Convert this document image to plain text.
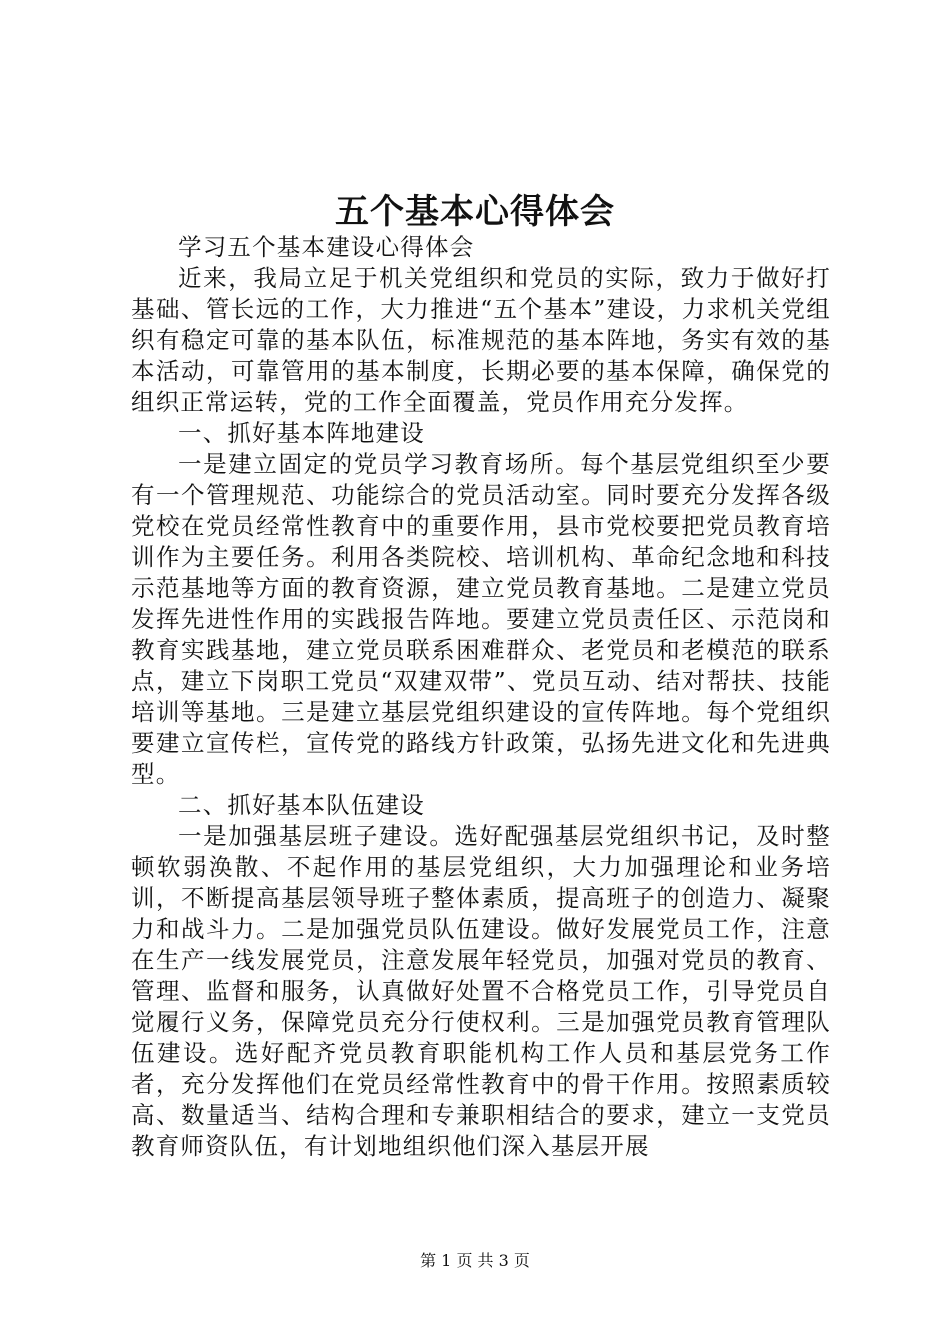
五个基本心得体会

学习五个基本建设心得体会

近来，我局立足于机关党组织和党员的实际，致力于做好打基础、管长远的工作，大力推进“五个基本”建设，力求机关党组织有稳定可靠的基本队伍，标准规范的基本阵地，务实有效的基本活动，可靠管用的基本制度，长期必要的基本保障，确保党的组织正常运转，党的工作全面覆盖，党员作用充分发挥。

一、抓好基本阵地建设

一是建立固定的党员学习教育场所。每个基层党组织至少要有一个管理规范、功能综合的党员活动室。同时要充分发挥各级党校在党员经常性教育中的重要作用，县市党校要把党员教育培训作为主要任务。利用各类院校、培训机构、革命纪念地和科技示范基地等方面的教育资源，建立党员教育基地。二是建立党员发挥先进性作用的实践报告阵地。要建立党员责任区、示范岗和教育实践基地，建立党员联系困难群众、老党员和老模范的联系点，建立下岗职工党员“双建双带”、党员互动、结对帮扶、技能培训等基地。三是建立基层党组织建设的宣传阵地。每个党组织要建立宣传栏，宣传党的路线方针政策，弘扬先进文化和先进典型。

二、抓好基本队伍建设

一是加强基层班子建设。选好配强基层党组织书记，及时整顿软弱涣散、不起作用的基层党组织，大力加强理论和业务培训，不断提高基层领导班子整体素质，提高班子的创造力、凝聚力和战斗力。二是加强党员队伍建设。做好发展党员工作，注意在生产一线发展党员，注意发展年轻党员，加强对党员的教育、管理、监督和服务，认真做好处置不合格党员工作，引导党员自觉履行义务，保障党员充分行使权利。三是加强党员教育管理队伍建设。选好配齐党员教育职能机构工作人员和基层党务工作者，充分发挥他们在党员经常性教育中的骨干作用。按照素质较高、数量适当、结构合理和专兼职相结合的要求，建立一支党员教育师资队伍，有计划地组织他们深入基层开展

第 1 页 共 3 页
